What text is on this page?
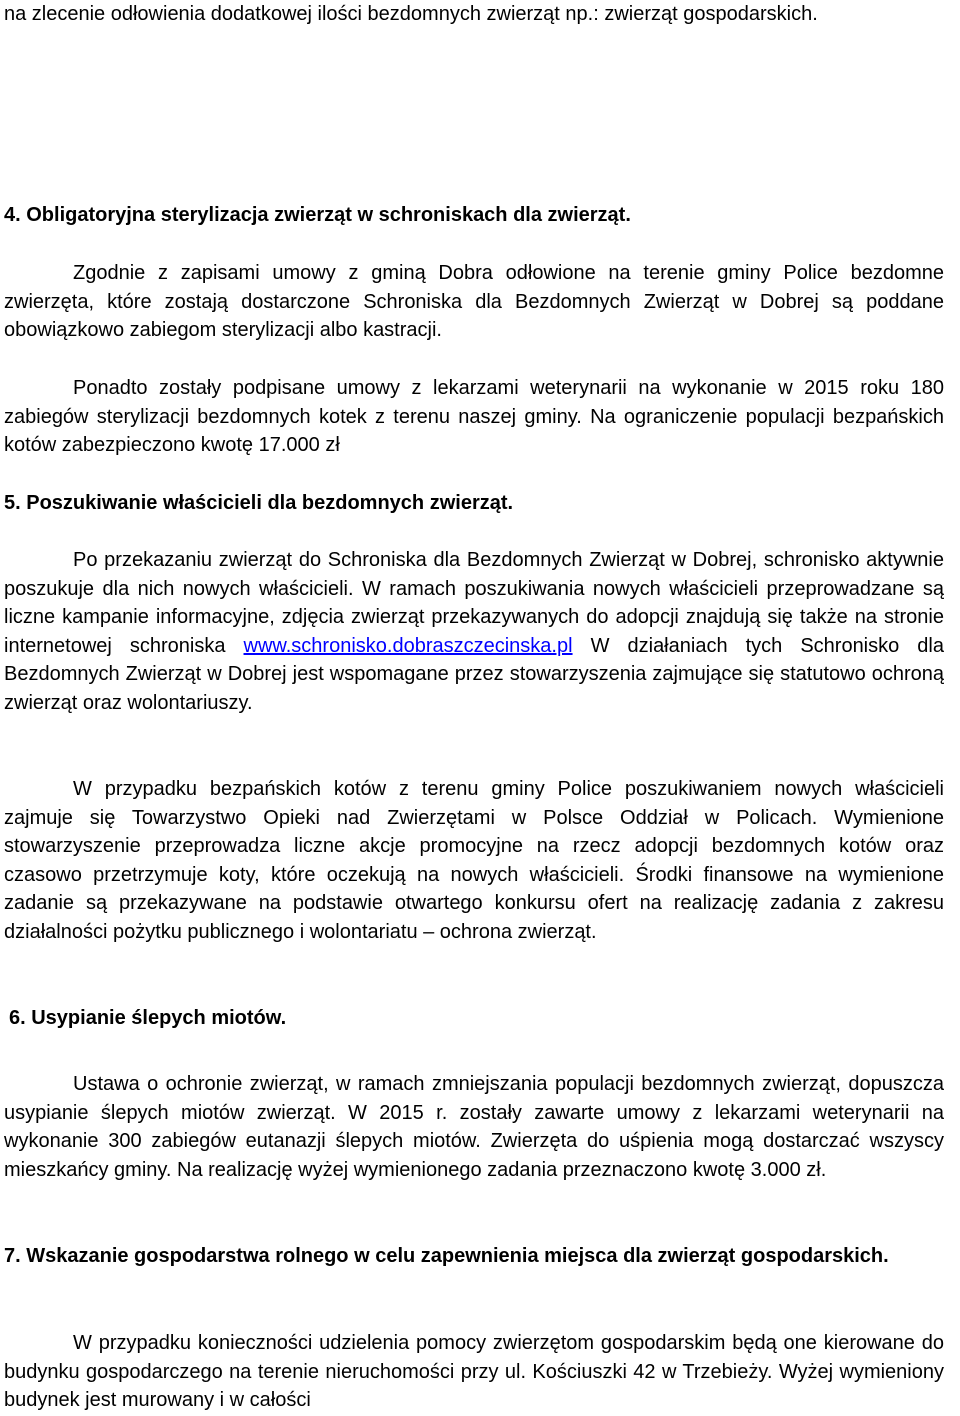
na zlecenie odłowienia dodatkowej ilości bezdomnych zwierząt np.: zwierząt gospodarskich.

4. Obligatoryjna sterylizacja zwierząt w schroniskach dla zwierząt.

Zgodnie z zapisami umowy z gminą Dobra odłowione na terenie gminy Police bezdomne zwierzęta, które zostają dostarczone Schroniska dla Bezdomnych Zwierząt w Dobrej są poddane obowiązkowo zabiegom sterylizacji albo kastracji.

Ponadto zostały podpisane umowy z lekarzami weterynarii na wykonanie w 2015 roku 180 zabiegów sterylizacji bezdomnych kotek z terenu naszej gminy. Na ograniczenie populacji bezpańskich kotów zabezpieczono kwotę 17.000 zł

5. Poszukiwanie właścicieli dla bezdomnych zwierząt.

Po przekazaniu zwierząt do Schroniska dla Bezdomnych Zwierząt w Dobrej, schronisko aktywnie poszukuje dla nich nowych właścicieli. W ramach poszukiwania nowych właścicieli przeprowadzane są liczne kampanie informacyjne, zdjęcia zwierząt przekazywanych do adopcji znajdują się także na stronie internetowej schroniska www.schronisko.dobraszczecinska.pl W działaniach tych Schronisko dla Bezdomnych Zwierząt w Dobrej jest wspomagane przez stowarzyszenia zajmujące się statutowo ochroną zwierząt oraz wolontariuszy.

W przypadku bezpańskich kotów z terenu gminy Police poszukiwaniem nowych właścicieli zajmuje się Towarzystwo Opieki nad Zwierzętami w Polsce Oddział w Policach. Wymienione stowarzyszenie przeprowadza liczne akcje promocyjne na rzecz adopcji bezdomnych kotów oraz czasowo przetrzymuje koty, które oczekują na nowych właścicieli. Środki finansowe na wymienione zadanie są przekazywane na podstawie otwartego konkursu ofert na realizację zadania z zakresu działalności pożytku publicznego i wolontariatu – ochrona zwierząt.

6. Usypianie ślepych miotów.

Ustawa o ochronie zwierząt, w ramach zmniejszania populacji bezdomnych zwierząt, dopuszcza usypianie ślepych miotów zwierząt. W 2015 r. zostały zawarte umowy z lekarzami weterynarii na wykonanie 300 zabiegów eutanazji ślepych miotów. Zwierzęta do uśpienia mogą dostarczać wszyscy mieszkańcy gminy. Na realizację wyżej wymienionego zadania przeznaczono kwotę 3.000 zł.

7. Wskazanie gospodarstwa rolnego w celu zapewnienia miejsca dla zwierząt gospodarskich.

W przypadku konieczności udzielenia pomocy zwierzętom gospodarskim będą one kierowane do budynku gospodarczego na terenie nieruchomości przy ul. Kościuszki 42 w Trzebieży. Wyżej wymieniony budynek jest murowany i w całości
